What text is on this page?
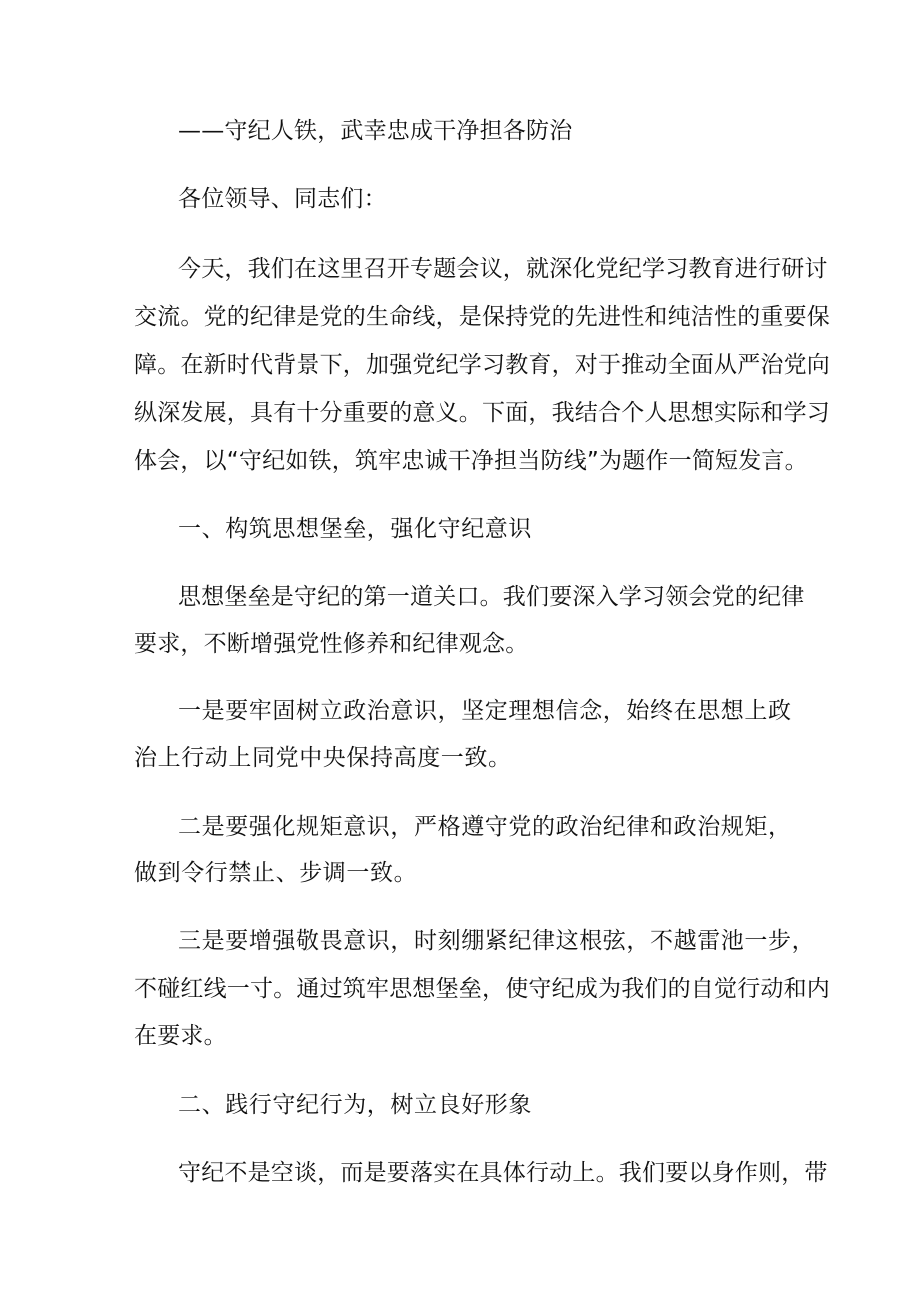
——守纪人铁，武幸忠成干净担各防治

各位领导、同志们：

今天，我们在这里召开专题会议，就深化党纪学习教育进行研讨

交流。党的纪律是党的生命线，是保持党的先进性和纯洁性的重要保

障。在新时代背景下，加强党纪学习教育，对于推动全面从严治党向

纵深发展，具有十分重要的意义。下面，我结合个人思想实际和学习

体会，以“守纪如铁，筑牢忠诚干净担当防线”为题作一简短发言。

一、构筑思想堡垒，强化守纪意识

思想堡垒是守纪的第一道关口。我们要深入学习领会党的纪律

要求，不断增强党性修养和纪律观念。

一是要牢固树立政治意识，坚定理想信念，始终在思想上政

治上行动上同党中央保持高度一致。

二是要强化规矩意识，严格遵守党的政治纪律和政治规矩，

做到令行禁止、步调一致。

三是要增强敬畏意识，时刻绷紧纪律这根弦，不越雷池一步，

不碰红线一寸。通过筑牢思想堡垒，使守纪成为我们的自觉行动和内

在要求。

二、践行守纪行为，树立良好形象

守纪不是空谈，而是要落实在具体行动上。我们要以身作则，带
